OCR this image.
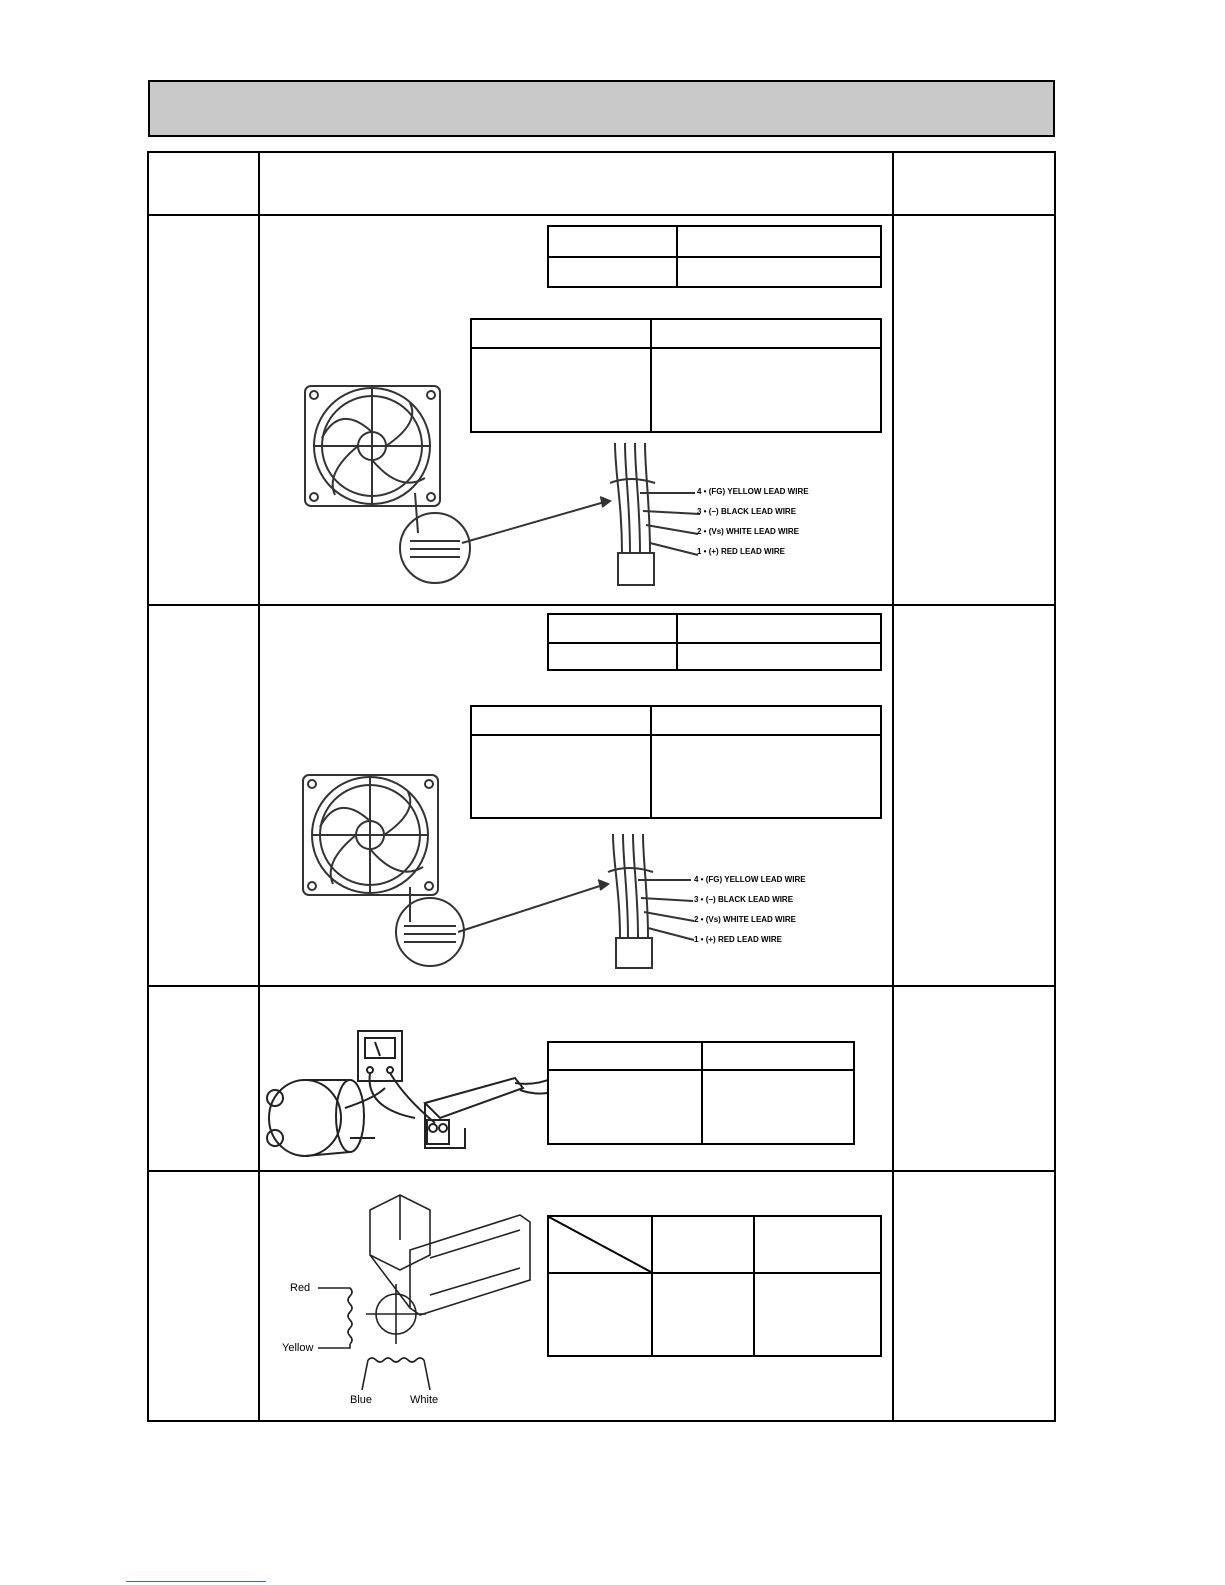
4 • (FG) YELLOW LEAD WIRE
3 • (−) BLACK LEAD WIRE
2 • (Vs) WHITE LEAD WIRE
1 • (+) RED LEAD WIRE
4 • (FG) YELLOW LEAD WIRE
3 • (−) BLACK LEAD WIRE
2 • (Vs) WHITE LEAD WIRE
1 • (+) RED LEAD WIRE
Red
Yellow
Blue	White
